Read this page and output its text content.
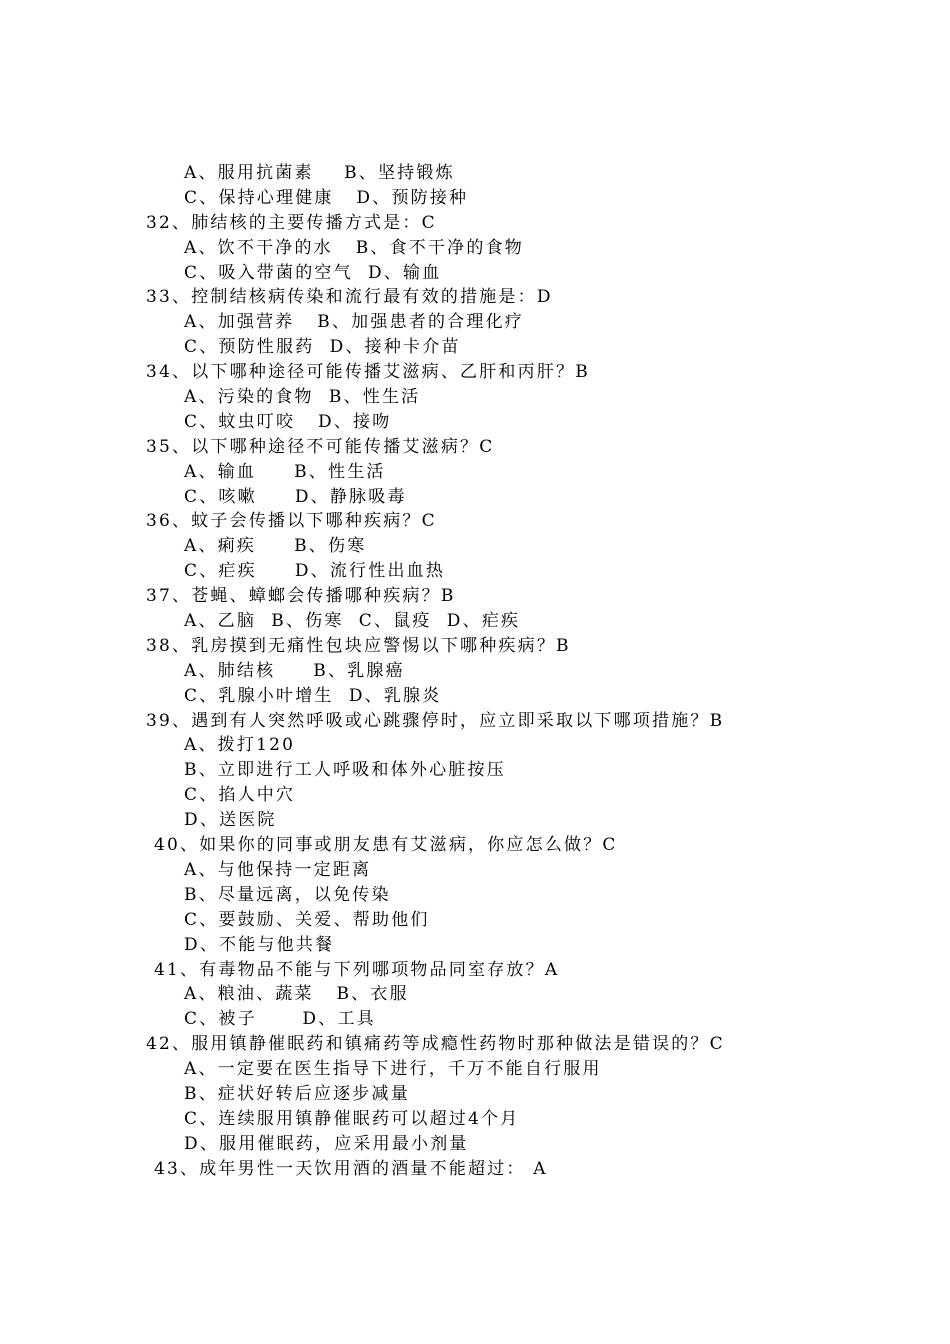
A、服用抗菌素    B、坚持锻炼
C、保持心理健康   D、预防接种
32、肺结核的主要传播方式是：C
A、饮不干净的水   B、食不干净的食物
C、吸入带菌的空气  D、输血
33、控制结核病传染和流行最有效的措施是：D
A、加强营养   B、加强患者的合理化疗
C、预防性服药  D、接种卡介苗
34、以下哪种途径可能传播艾滋病、乙肝和丙肝？B
A、污染的食物  B、性生活
C、蚊虫叮咬   D、接吻
35、以下哪种途径不可能传播艾滋病？C
A、输血     B、性生活
C、咳嗽     D、静脉吸毒
36、蚊子会传播以下哪种疾病？C
A、痢疾     B、伤寒
C、疟疾     D、流行性出血热
37、苍蝇、蟑螂会传播哪种疾病？B
A、乙脑  B、伤寒  C、鼠疫  D、疟疾
38、乳房摸到无痛性包块应警惕以下哪种疾病？B
A、肺结核     B、乳腺癌
C、乳腺小叶增生  D、乳腺炎
39、遇到有人突然呼吸或心跳骤停时，应立即采取以下哪项措施？B
A、拨打120
B、立即进行工人呼吸和体外心脏按压
C、掐人中穴
D、送医院
40、如果你的同事或朋友患有艾滋病，你应怎么做？C
A、与他保持一定距离
B、尽量远离，以免传染
C、要鼓励、关爱、帮助他们
D、不能与他共餐
41、有毒物品不能与下列哪项物品同室存放？A
A、粮油、蔬菜   B、衣服
C、被子      D、工具
42、服用镇静催眠药和镇痛药等成瘾性药物时那种做法是错误的？C
A、一定要在医生指导下进行，千万不能自行服用
B、症状好转后应逐步减量
C、连续服用镇静催眠药可以超过4个月
D、服用催眠药，应采用最小剂量
43、成年男性一天饮用酒的酒量不能超过： A
